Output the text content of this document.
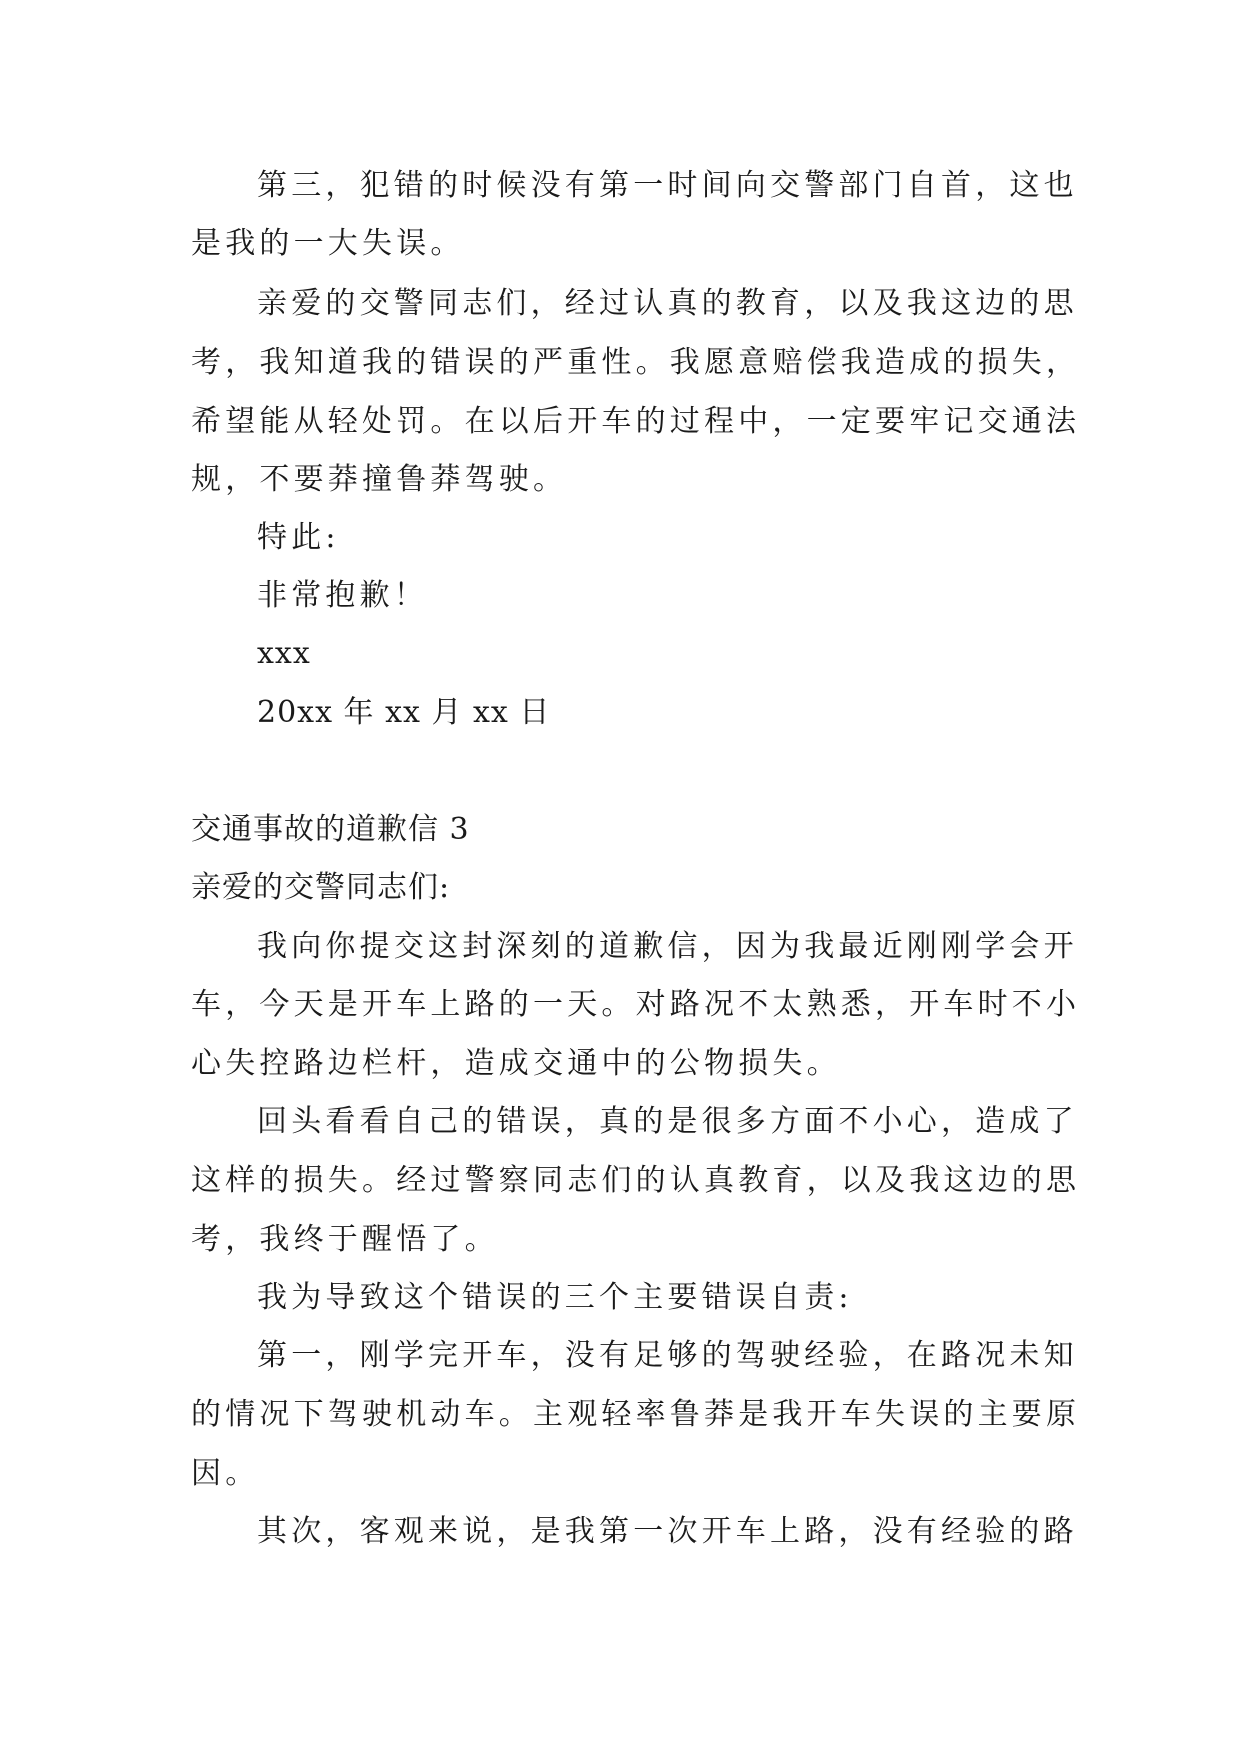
第三，犯错的时候没有第一时间向交警部门自首，这也
是我的一大失误。
亲爱的交警同志们，经过认真的教育，以及我这边的思
考，我知道我的错误的严重性。我愿意赔偿我造成的损失，
希望能从轻处罚。在以后开车的过程中，一定要牢记交通法
规，不要莽撞鲁莽驾驶。
特此:
非常抱歉！
xxx
20xx 年 xx 月 xx 日
交通事故的道歉信 3
亲爱的交警同志们:
我向你提交这封深刻的道歉信，因为我最近刚刚学会开
车，今天是开车上路的一天。对路况不太熟悉，开车时不小
心失控路边栏杆，造成交通中的公物损失。
回头看看自己的错误，真的是很多方面不小心，造成了
这样的损失。经过警察同志们的认真教育，以及我这边的思
考，我终于醒悟了。
我为导致这个错误的三个主要错误自责:
第一，刚学完开车，没有足够的驾驶经验，在路况未知
的情况下驾驶机动车。主观轻率鲁莽是我开车失误的主要原
因。
其次，客观来说，是我第一次开车上路，没有经验的路
